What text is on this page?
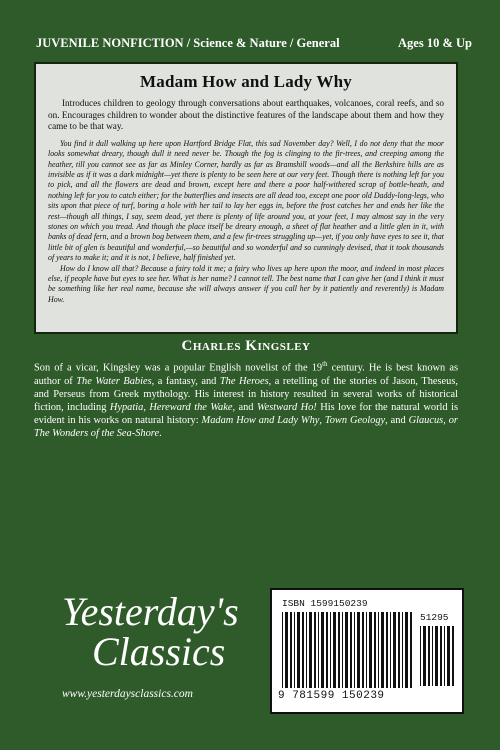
JUVENILE NONFICTION / Science & Nature / General	Ages 10 & Up
Madam How and Lady Why

Introduces children to geology through conversations about earthquakes, volcanoes, coral reefs, and so on. Encourages children to wonder about the distinctive features of the landscape about them and how they came to be that way.

You find it dull walking up here upon Hartford Bridge Flat, this sad November day? Well, I do not deny that the moor looks somewhat dreary, though dull it need never be. Though the fog is clinging to the fir-trees, and creeping among the heather, till you cannot see as far as Minley Corner, hardly as far as Bramshill woods—and all the Berkshire hills are as invisible as if it was a dark midnight—yet there is plenty to be seen here at our very feet. Though there is nothing left for you to pick, and all the flowers are dead and brown, except here and there a poor half-withered scrap of bottle-heath, and nothing left for you to catch either; for the butterflies and insects are all dead too, except one poor old Daddy-long-legs, who sits upon that piece of turf, boring a hole with her tail to lay her eggs in, before the frost catches her and ends her like the rest—though all things, I say, seem dead, yet there is plenty of life around you, at your feet, I may almost say in the very stones on which you tread. And though the place itself be dreary enough, a sheet of flat heather and a little glen in it, with banks of dead fern, and a brown bog between them, and a few fir-trees struggling up—yet, if you only have eyes to see it, that little bit of glen is beautiful and wonderful,—so beautiful and so wonderful and so cunningly devised, that it took thousands of years to make it; and it is not, I believe, half finished yet.

How do I know all that? Because a fairy told it me; a fairy who lives up here upon the moor, and indeed in most places else, if people have but eyes to see her. What is her name? I cannot tell. The best name that I can give her (and I think it must be something like her real name, because she will always answer if you call her by it patiently and reverently) is Madam How.

Charles Kingsley

Son of a vicar, Kingsley was a popular English novelist of the 19th century. He is best known as author of The Water Babies, a fantasy, and The Heroes, a retelling of the stories of Jason, Theseus, and Perseus from Greek mythology. His interest in history resulted in several works of historical fiction, including Hypatia, Hereward the Wake, and Westward Ho! His love for the natural world is evident in his works on natural history: Madam How and Lady Why, Town Geology, and Glaucus, or The Wonders of the Sea-Shore.

Yesterday's
Classics
www.yesterdaysclassics.com
ISBN 1599150239
51295
9 781599 150239
